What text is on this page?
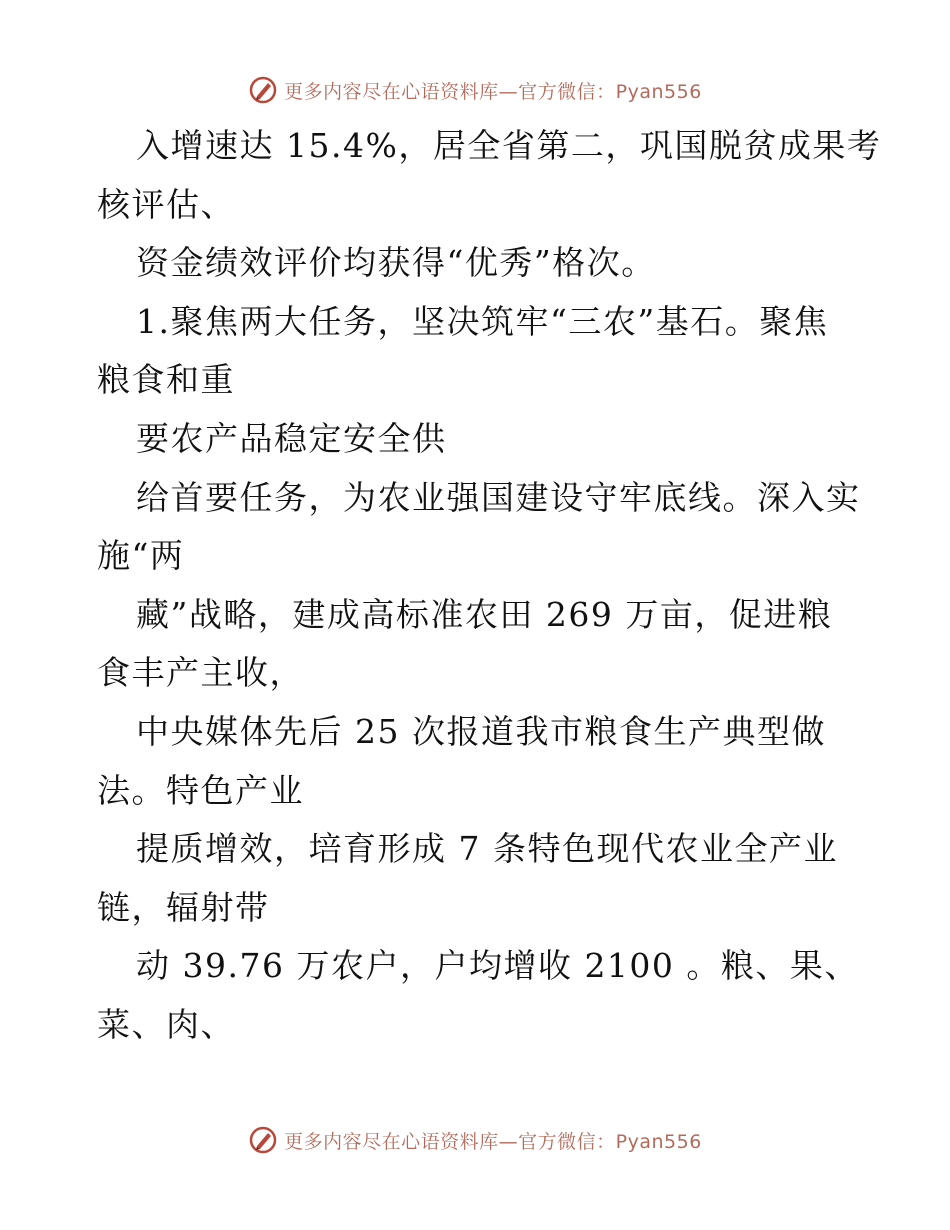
更多内容尽在心语资料库—官方微信：Pyan556
入增速达 15.4%，居全省第二，巩国脱贫成果考
核评估、
资金绩效评价均获得“优秀”格次。
1.聚焦两大任务，坚决筑牢“三农”基石。聚焦
粮食和重
要农产品稳定安全供
给首要任务，为农业强国建设守牢底线。深入实
施“两
藏”战略，建成高标准农田 269 万亩，促进粮
食丰产主收，
中央媒体先后 25 次报道我市粮食生产典型做
法。特色产业
提质增效，培育形成 7 条特色现代农业全产业
链，辐射带
动 39.76 万农户，户均增收 2100 。粮、果、
菜、肉、
更多内容尽在心语资料库—官方微信：Pyan556
